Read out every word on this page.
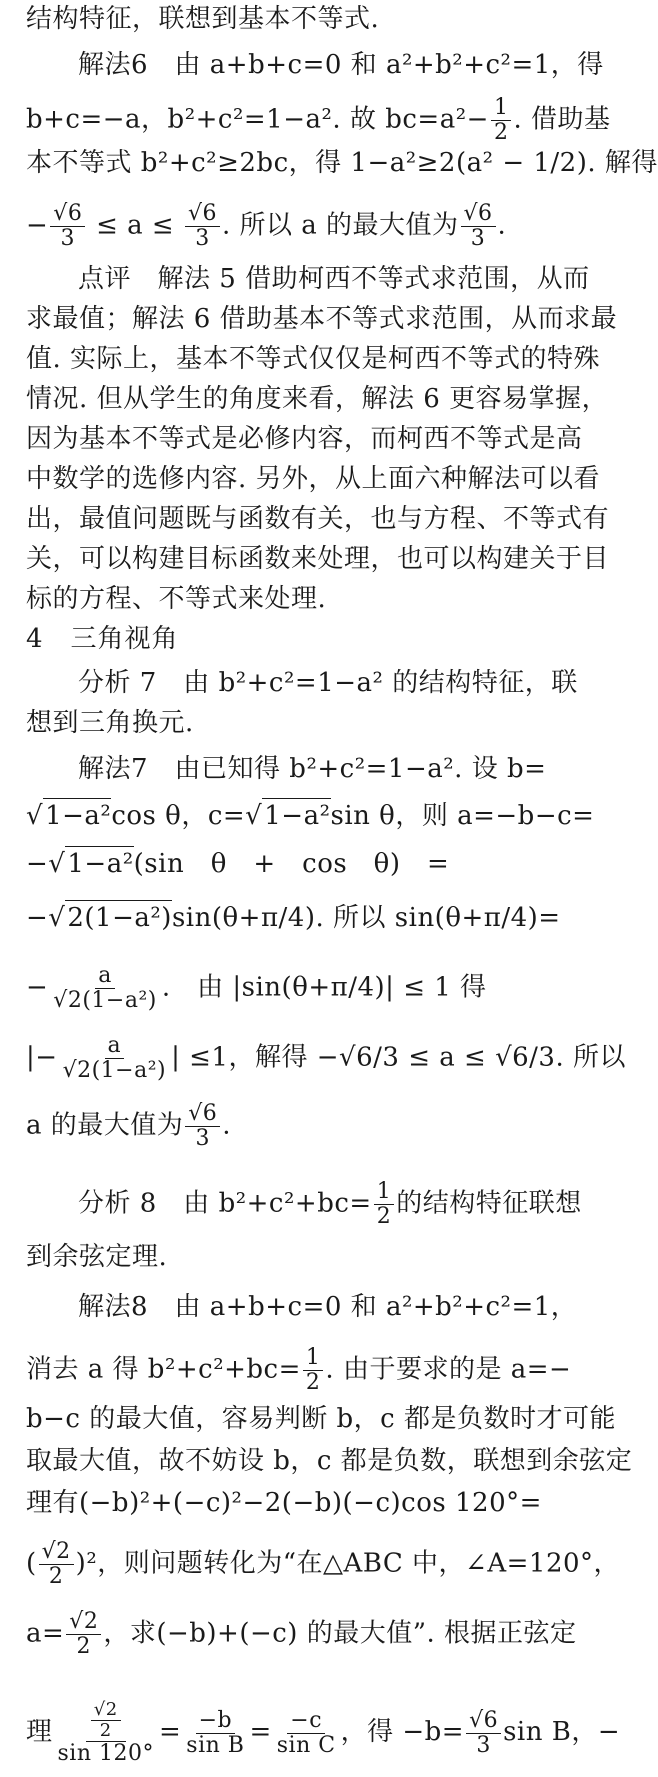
结构特征，联想到基本不等式.
解法6　由 a+b+c=0 和 a²+b²+c²=1，得
b+c=−a，b²+c²=1−a². 故 $bc=a^2- \frac{1}{2}$ . 借助基
本不等式 b²+c²≥2bc，得 1−a²≥2(a² − 1/2). 解得
− $\frac{√6}{3} \le a \le \frac{√6}{3}$ . 所以 a 的最大值为 $\frac{√6}{3}$ .
点评　解法 5 借助柯西不等式求范围，从而
求最值；解法 6 借助基本不等式求范围，从而求最
值. 实际上，基本不等式仅仅是柯西不等式的特殊
情况. 但从学生的角度来看，解法 6 更容易掌握，
因为基本不等式是必修内容，而柯西不等式是高
中数学的选修内容. 另外，从上面六种解法可以看
出，最值问题既与函数有关，也与方程、不等式有
关，可以构建目标函数来处理，也可以构建关于目
标的方程、不等式来处理.
4　三角视角
分析 7　由 b²+c²=1−a² 的结构特征，联
想到三角换元.
解法7　由已知得 b²+c²=1−a². 设 b=
√1−a²cos θ，c=√1−a²sin θ，则 a=−b−c=
−√1−a²(sin　θ　+　cos　θ)　=
−√2(1−a²)sin(θ+π/4). 所以 sin(θ+π/4)=
− $\frac{a}{\text{√2(1−a²)}}$ .　由 |sin(θ+π/4)| ≤ 1 得
|− $\frac{a}{\text{√2(1−a²)}}$ | ≤1，解得 −√6/3 ≤ a ≤ √6/3. 所以
a 的最大值为 $\frac{√6}{3}$ .
分析 8　由 $b^2+c^2+bc= \frac{1}{2}$ 的结构特征联想
到余弦定理.
解法8　由 a+b+c=0 和 a²+b²+c²=1，
消去 a 得 $b^2+c^2+bc= \frac{1}{2}$ . 由于要求的是 a=−
b−c 的最大值，容易判断 b，c 都是负数时才可能
取最大值，故不妨设 b，c 都是负数，联想到余弦定
理有(−b)²+(−c)²−2(−b)(−c)cos 120°=
( $\frac{√2}{2} )^2$，则问题转化为“在△ABC 中，∠A=120°，
$a= \frac{√2}{2}$ ，求(−b)+(−c) 的最大值”. 根据正弦定
理 $\frac{\frac{√2}{2}}{\sin 120^\circ} = \frac{-b}{\text{sin B}} = \frac{-c}{\text{sin C}}$ ，得 $-b= \frac{√6}{3}$ sin B，−
